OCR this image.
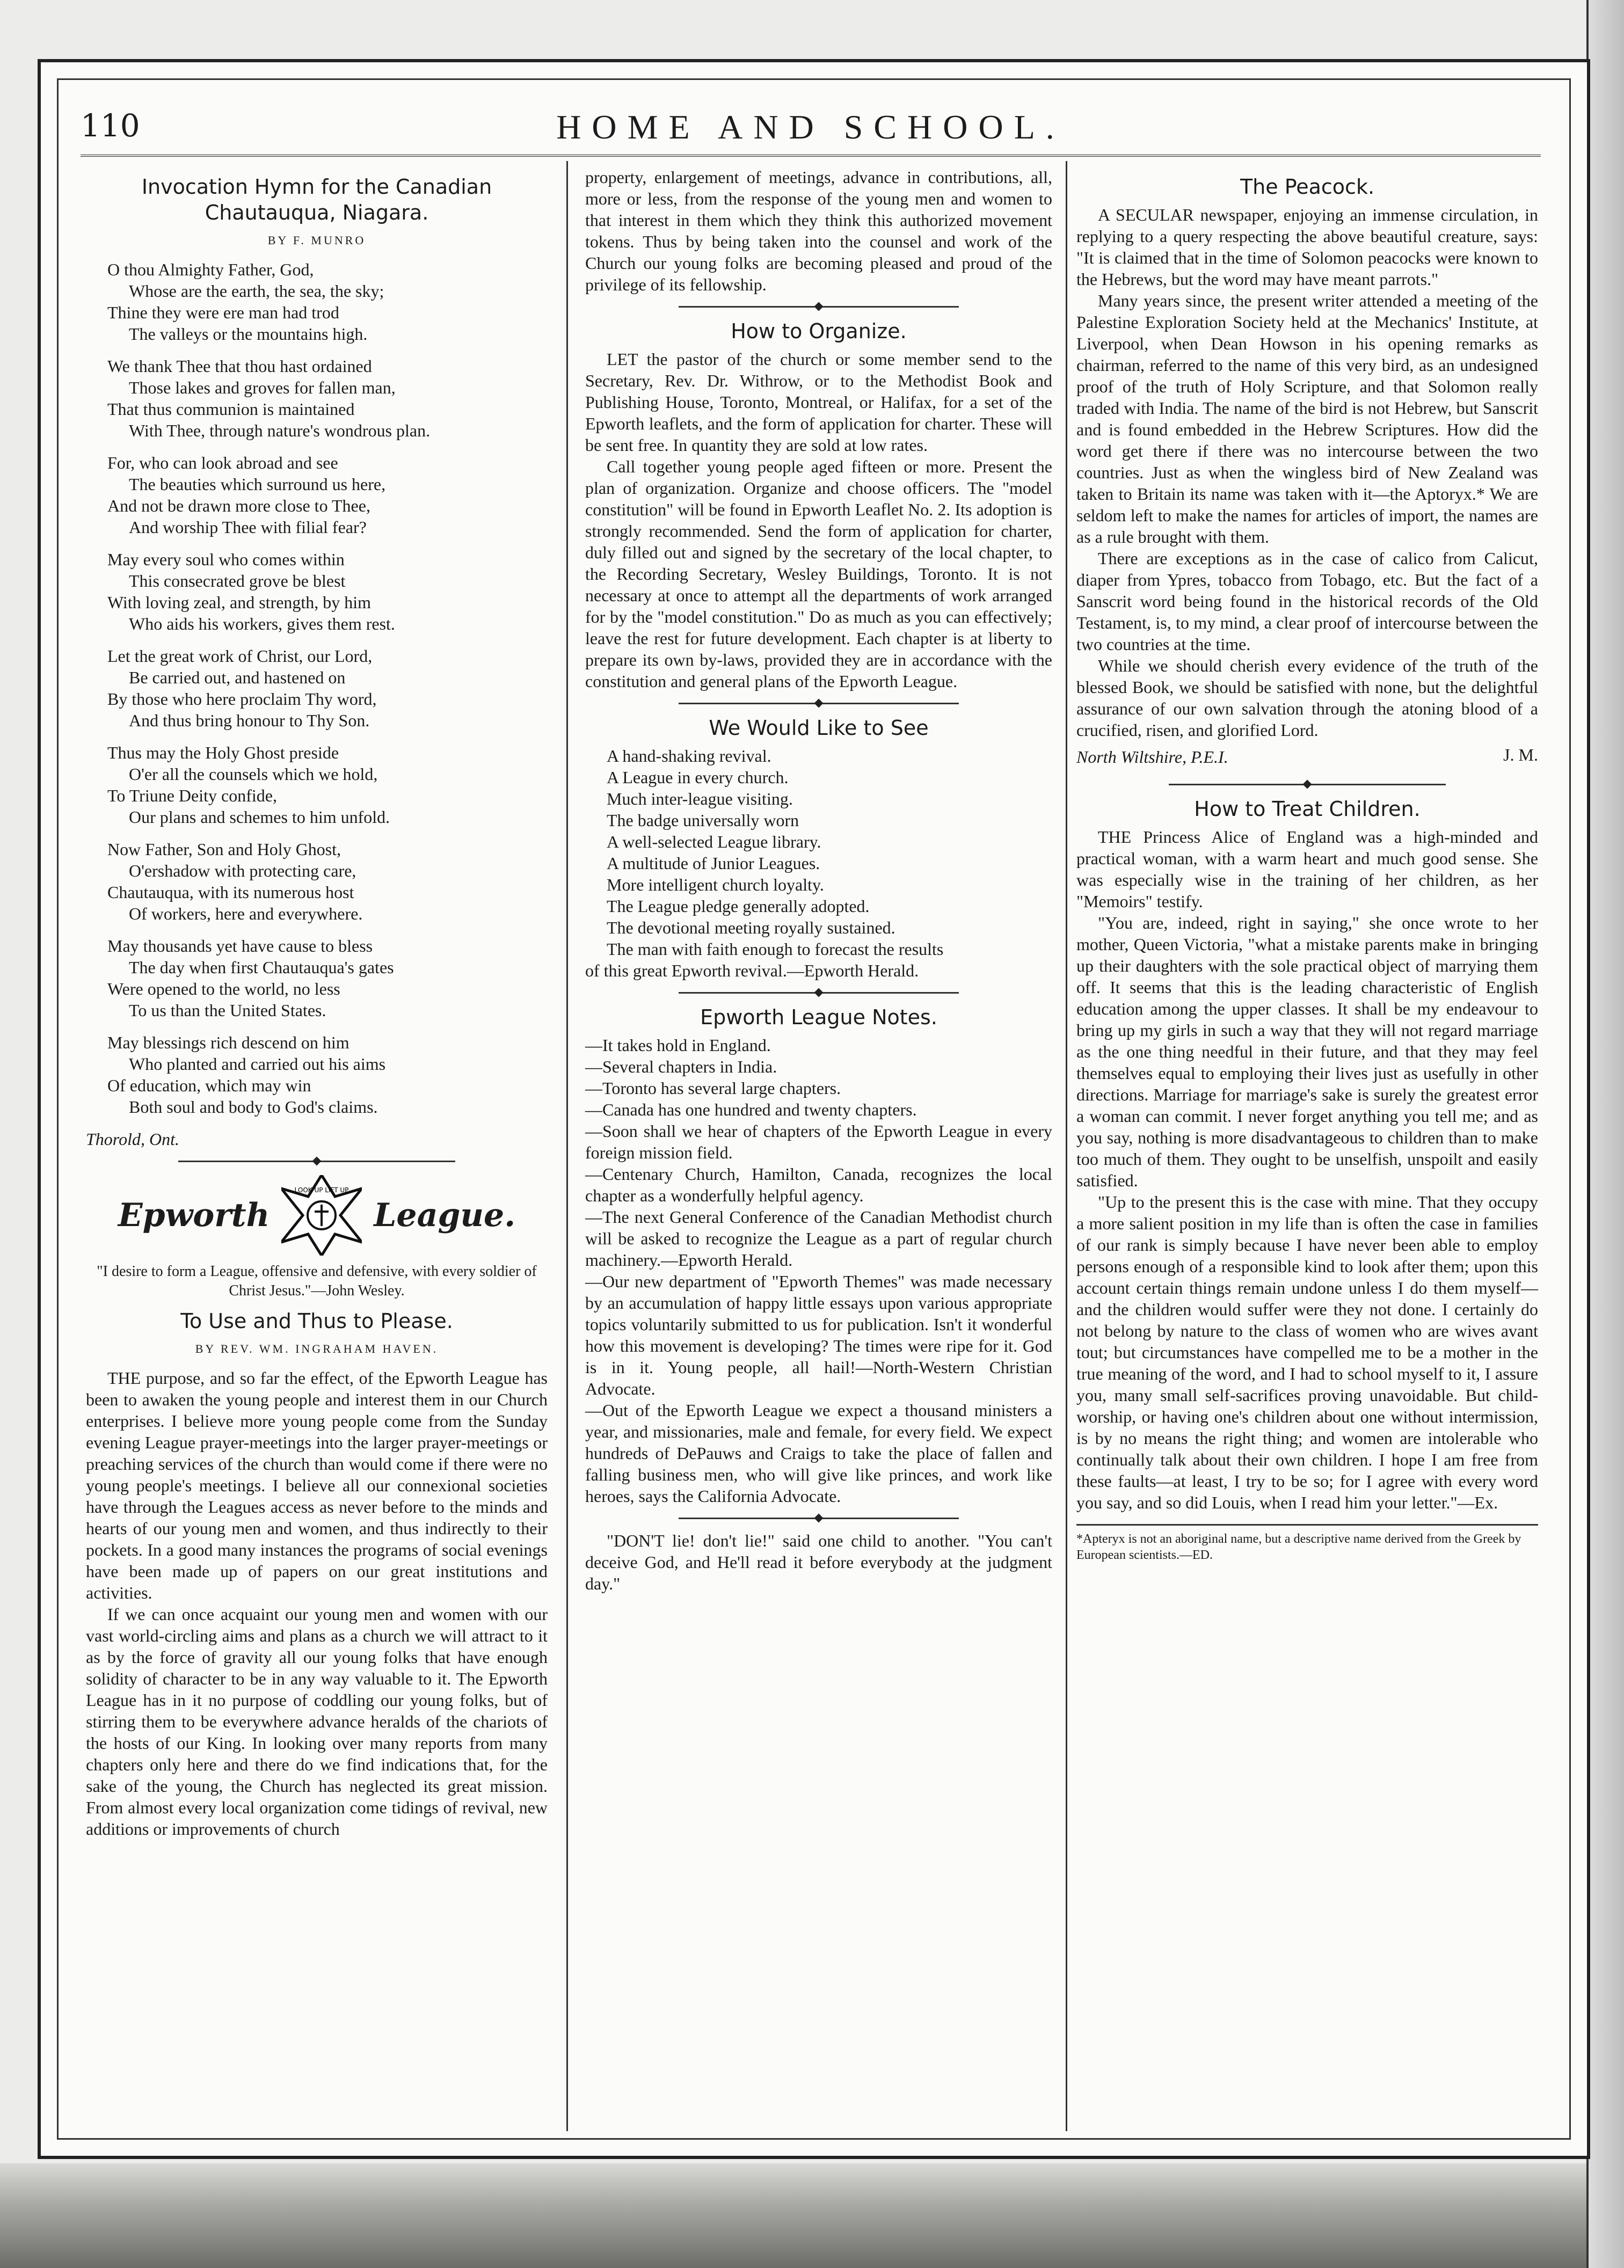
110	HOME AND SCHOOL.
Invocation Hymn for the Canadian Chautauqua, Niagara.
BY F. MUNRO

O thou Almighty Father, God,
Whose are the earth, the sea, the sky;
Thine they were ere man had trod
The valleys or the mountains high.

We thank Thee that thou hast ordained
Those lakes and groves for fallen man,
That thus communion is maintained
With Thee, through nature's wondrous plan.

For, who can look abroad and see
The beauties which surround us here,
And not be drawn more close to Thee,
And worship Thee with filial fear?

May every soul who comes within
This consecrated grove be blest
With loving zeal, and strength, by him
Who aids his workers, gives them rest.

Let the great work of Christ, our Lord,
Be carried out, and hastened on
By those who here proclaim Thy word,
And thus bring honour to Thy Son.

Thus may the Holy Ghost preside
O'er all the counsels which we hold,
To Triune Deity confide,
Our plans and schemes to him unfold.

Now Father, Son and Holy Ghost,
O'ershadow with protecting care,
Chautauqua, with its numerous host
Of workers, here and everywhere.

May thousands yet have cause to bless
The day when first Chautauqua's gates
Were opened to the world, no less
To us than the United States.

May blessings rich descend on him
Who planted and carried out his aims
Of education, which may win
Both soul and body to God's claims.

Thorold, Ont.
Epworth
LOOK UP LIFT UP
League.
"I desire to form a League, offensive and defensive, with every soldier of Christ Jesus."—John Wesley.
To Use and Thus to Please.
BY REV. WM. INGRAHAM HAVEN.

THE purpose, and so far the effect, of the Epworth League has been to awaken the young people and interest them in our Church enterprises. I believe more young people come from the Sunday evening League prayer-meetings into the larger prayer-meetings or preaching services of the church than would come if there were no young people's meetings. I believe all our connexional societies have through the Leagues access as never before to the minds and hearts of our young men and women, and thus indirectly to their pockets. In a good many instances the programs of social evenings have been made up of papers on our great institutions and activities.

If we can once acquaint our young men and women with our vast world-circling aims and plans as a church we will attract to it as by the force of gravity all our young folks that have enough solidity of character to be in any way valuable to it. The Epworth League has in it no purpose of coddling our young folks, but of stirring them to be everywhere advance heralds of the chariots of the hosts of our King. In looking over many reports from many chapters only here and there do we find indications that, for the sake of the young, the Church has neglected its great mission. From almost every local organization come tidings of revival, new additions or improvements of church

property, enlargement of meetings, advance in contributions, all, more or less, from the response of the young men and women to that interest in them which they think this authorized movement tokens. Thus by being taken into the counsel and work of the Church our young folks are becoming pleased and proud of the privilege of its fellowship.

How to Organize.

LET the pastor of the church or some member send to the Secretary, Rev. Dr. Withrow, or to the Methodist Book and Publishing House, Toronto, Montreal, or Halifax, for a set of the Epworth leaflets, and the form of application for charter. These will be sent free. In quantity they are sold at low rates.

Call together young people aged fifteen or more. Present the plan of organization. Organize and choose officers. The "model constitution" will be found in Epworth Leaflet No. 2. Its adoption is strongly recommended. Send the form of application for charter, duly filled out and signed by the secretary of the local chapter, to the Recording Secretary, Wesley Buildings, Toronto. It is not necessary at once to attempt all the departments of work arranged for by the "model constitution." Do as much as you can effectively; leave the rest for future development. Each chapter is at liberty to prepare its own by-laws, provided they are in accordance with the constitution and general plans of the Epworth League.

We Would Like to See
A hand-shaking revival.
A League in every church.
Much inter-league visiting.
The badge universally worn
A well-selected League library.
A multitude of Junior Leagues.
More intelligent church loyalty.
The League pledge generally adopted.
The devotional meeting royally sustained.
The man with faith enough to forecast the results
of this great Epworth revival.—Epworth Herald.
Epworth League Notes.
—It takes hold in England.
—Several chapters in India.
—Toronto has several large chapters.
—Canada has one hundred and twenty chapters.
—Soon shall we hear of chapters of the Epworth League in every foreign mission field.
—Centenary Church, Hamilton, Canada, recognizes the local chapter as a wonderfully helpful agency.
—The next General Conference of the Canadian Methodist church will be asked to recognize the League as a part of regular church machinery.—Epworth Herald.
—Our new department of "Epworth Themes" was made necessary by an accumulation of happy little essays upon various appropriate topics voluntarily submitted to us for publication. Isn't it wonderful how this movement is developing? The times were ripe for it. God is in it. Young people, all hail!—North-Western Christian Advocate.
—Out of the Epworth League we expect a thousand ministers a year, and missionaries, male and female, for every field. We expect hundreds of DePauws and Craigs to take the place of fallen and falling business men, who will give like princes, and work like heroes, says the California Advocate.

"DON'T lie! don't lie!" said one child to another. "You can't deceive God, and He'll read it before everybody at the judgment day."

The Peacock.

A SECULAR newspaper, enjoying an immense circulation, in replying to a query respecting the above beautiful creature, says: "It is claimed that in the time of Solomon peacocks were known to the Hebrews, but the word may have meant parrots."

Many years since, the present writer attended a meeting of the Palestine Exploration Society held at the Mechanics' Institute, at Liverpool, when Dean Howson in his opening remarks as chairman, referred to the name of this very bird, as an undesigned proof of the truth of Holy Scripture, and that Solomon really traded with India. The name of the bird is not Hebrew, but Sanscrit and is found embedded in the Hebrew Scriptures. How did the word get there if there was no intercourse between the two countries. Just as when the wingless bird of New Zealand was taken to Britain its name was taken with it—the Aptoryx.* We are seldom left to make the names for articles of import, the names are as a rule brought with them.

There are exceptions as in the case of calico from Calicut, diaper from Ypres, tobacco from Tobago, etc. But the fact of a Sanscrit word being found in the historical records of the Old Testament, is, to my mind, a clear proof of intercourse between the two countries at the time.

While we should cherish every evidence of the truth of the blessed Book, we should be satisfied with none, but the delightful assurance of our own salvation through the atoning blood of a crucified, risen, and glorified Lord.

North Wiltshire, P.E.I.	J. M.
How to Treat Children.

THE Princess Alice of England was a high-minded and practical woman, with a warm heart and much good sense. She was especially wise in the training of her children, as her "Memoirs" testify.

"You are, indeed, right in saying," she once wrote to her mother, Queen Victoria, "what a mistake parents make in bringing up their daughters with the sole practical object of marrying them off. It seems that this is the leading characteristic of English education among the upper classes. It shall be my endeavour to bring up my girls in such a way that they will not regard marriage as the one thing needful in their future, and that they may feel themselves equal to employing their lives just as usefully in other directions. Marriage for marriage's sake is surely the greatest error a woman can commit. I never forget anything you tell me; and as you say, nothing is more disadvantageous to children than to make too much of them. They ought to be unselfish, unspoilt and easily satisfied.

"Up to the present this is the case with mine. That they occupy a more salient position in my life than is often the case in families of our rank is simply because I have never been able to employ persons enough of a responsible kind to look after them; upon this account certain things remain undone unless I do them myself—and the children would suffer were they not done. I certainly do not belong by nature to the class of women who are wives avant tout; but circumstances have compelled me to be a mother in the true meaning of the word, and I had to school myself to it, I assure you, many small self-sacrifices proving unavoidable. But child-worship, or having one's children about one without intermission, is by no means the right thing; and women are intolerable who continually talk about their own children. I hope I am free from these faults—at least, I try to be so; for I agree with every word you say, and so did Louis, when I read him your letter."—Ex.

*Apteryx is not an aboriginal name, but a descriptive name derived from the Greek by European scientists.—ED.
